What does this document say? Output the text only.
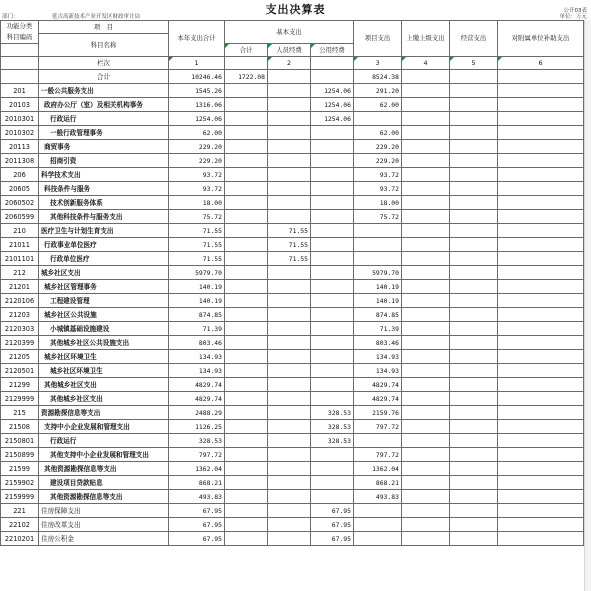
支出决算表	公开03表
单位：万元
部门：	延吉高新技术产业开发区财政审计局
功能分类
科目编码	项　目	本年支出合计	基本支出			项目支出	上缴上级支出	经营支出	对附属单位补助支出
	科目名称								
			合计	人员经费	公用经费				
	栏次	1		2		3	4	5	6
	合计	10246.46	1722.08			8524.38			
201	一般公共服务支出	1545.26			1254.06	291.20			
20103	政府办公厅（室）及相关机构事务	1316.06			1254.06	62.00			
2010301	行政运行	1254.06			1254.06				
2010302	一般行政管理事务	62.00				62.00			
20113	商贸事务	229.20				229.20			
2011308	招商引资	229.20				229.20			
206	科学技术支出	93.72				93.72			
20605	科技条件与服务	93.72				93.72			
2060502	技术创新服务体系	18.00				18.00			
2060599	其他科技条件与服务支出	75.72				75.72			
210	医疗卫生与计划生育支出	71.55		71.55					
21011	行政事业单位医疗	71.55		71.55					
2101101	行政单位医疗	71.55		71.55					
212	城乡社区支出	5979.70				5979.70			
21201	城乡社区管理事务	140.19				140.19			
2120106	工程建设管理	140.19				140.19			
21203	城乡社区公共设施	874.85				874.85			
2120303	小城镇基础设施建设	71.39				71.39			
2120399	其他城乡社区公共设施支出	803.46				803.46			
21205	城乡社区环境卫生	134.93				134.93			
2120501	城乡社区环境卫生	134.93				134.93			
21299	其他城乡社区支出	4829.74				4829.74			
2129999	其他城乡社区支出	4829.74				4829.74			
215	资源勘探信息等支出	2488.29			328.53	2159.76			
21508	支持中小企业发展和管理支出	1126.25			328.53	797.72			
2150801	行政运行	328.53			328.53				
2150899	其他支持中小企业发展和管理支出	797.72				797.72			
21599	其他资源勘探信息等支出	1362.04				1362.04			
2159902	建设项目贷款贴息	868.21				868.21			
2159999	其他资源勘探信息等支出	493.83				493.83			
221	住房保障支出	67.95			67.95				
22102	住房改革支出	67.95			67.95				
2210201	住房公积金	67.95			67.95				
